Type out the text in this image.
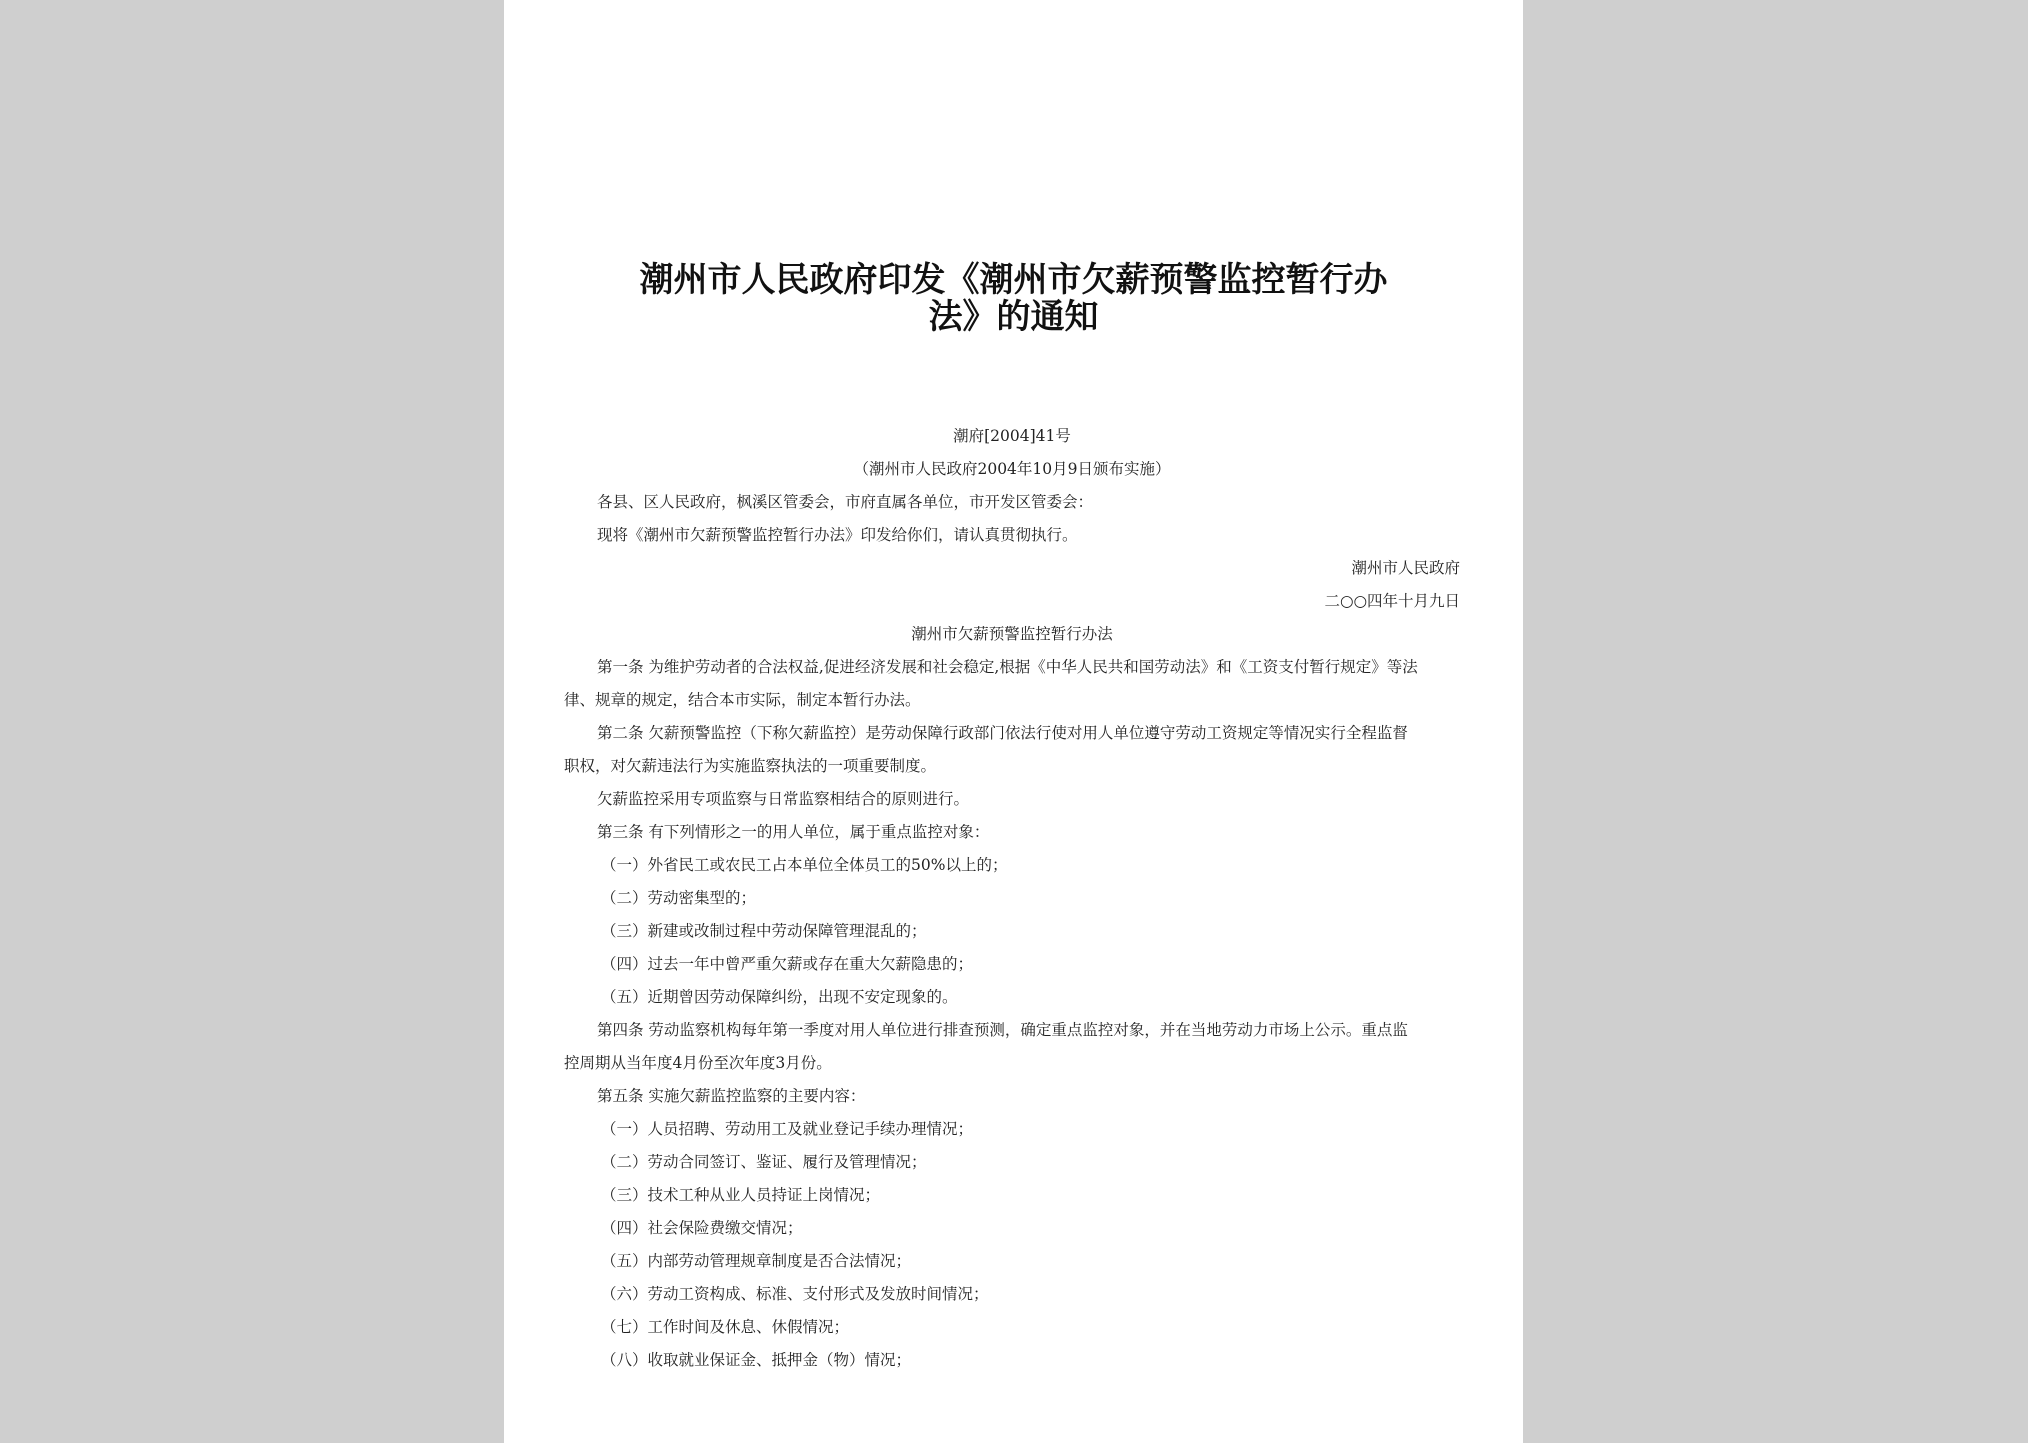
潮州市人民政府印发《潮州市欠薪预警监控暂行办
法》的通知
潮府[2004]41号
（潮州市人民政府2004年10月9日颁布实施）
各县、区人民政府，枫溪区管委会，市府直属各单位，市开发区管委会：
现将《潮州市欠薪预警监控暂行办法》印发给你们，请认真贯彻执行。
潮州市人民政府
二○○四年十月九日
潮州市欠薪预警监控暂行办法
第一条 为维护劳动者的合法权益,促进经济发展和社会稳定,根据《中华人民共和国劳动法》和《工资支付暂行规定》等法
律、规章的规定，结合本市实际，制定本暂行办法。
第二条 欠薪预警监控（下称欠薪监控）是劳动保障行政部门依法行使对用人单位遵守劳动工资规定等情况实行全程监督
职权，对欠薪违法行为实施监察执法的一项重要制度。
欠薪监控采用专项监察与日常监察相结合的原则进行。
第三条 有下列情形之一的用人单位，属于重点监控对象：
（一）外省民工或农民工占本单位全体员工的50%以上的；
（二）劳动密集型的；
（三）新建或改制过程中劳动保障管理混乱的；
（四）过去一年中曾严重欠薪或存在重大欠薪隐患的；
（五）近期曾因劳动保障纠纷，出现不安定现象的。
第四条 劳动监察机构每年第一季度对用人单位进行排查预测，确定重点监控对象，并在当地劳动力市场上公示。重点监
控周期从当年度4月份至次年度3月份。
第五条 实施欠薪监控监察的主要内容：
（一）人员招聘、劳动用工及就业登记手续办理情况；
（二）劳动合同签订、鉴证、履行及管理情况；
（三）技术工种从业人员持证上岗情况；
（四）社会保险费缴交情况；
（五）内部劳动管理规章制度是否合法情况；
（六）劳动工资构成、标准、支付形式及发放时间情况；
（七）工作时间及休息、休假情况；
（八）收取就业保证金、抵押金（物）情况；
